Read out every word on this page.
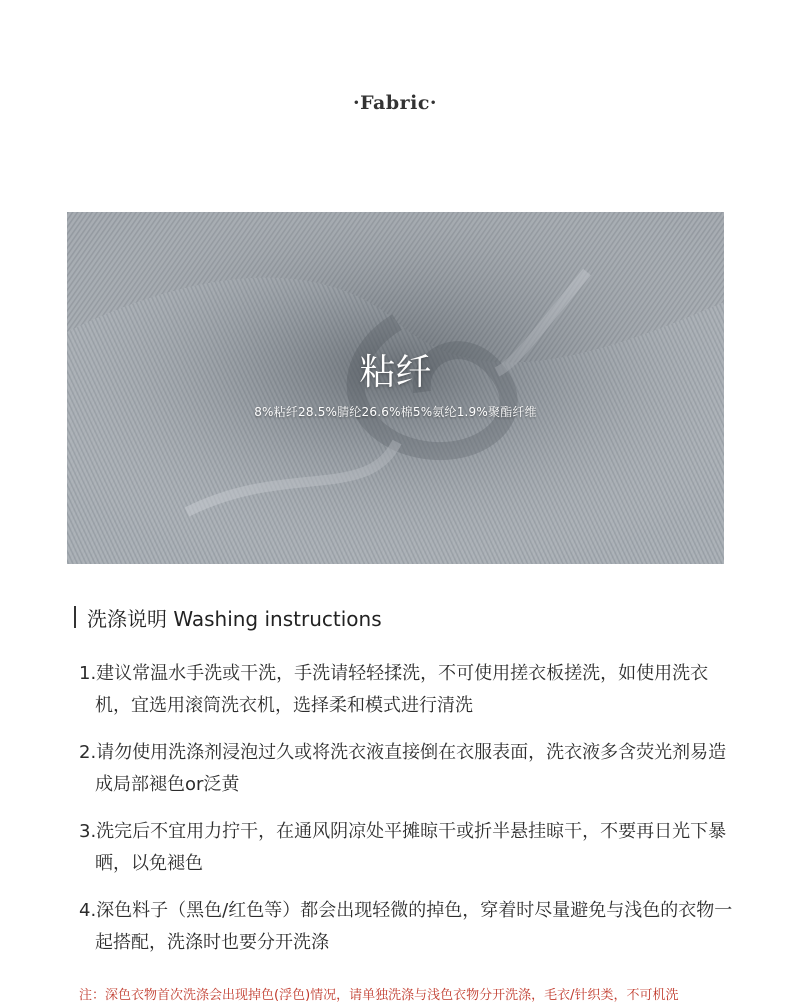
·Fabric·
粘纤
8%粘纤28.5%腈纶26.6%棉5%氨纶1.9%聚酯纤维
洗涤说明 Washing instructions
1.建议常温水手洗或干洗，手洗请轻轻揉洗，不可使用搓衣板搓洗，如使用洗衣机，宜选用滚筒洗衣机，选择柔和模式进行清洗
2.请勿使用洗涤剂浸泡过久或将洗衣液直接倒在衣服表面，洗衣液多含荧光剂易造成局部褪色or泛黄
3.洗完后不宜用力拧干，在通风阴凉处平摊晾干或折半悬挂晾干，不要再日光下暴晒，以免褪色
4.深色料子（黑色/红色等）都会出现轻微的掉色，穿着时尽量避免与浅色的衣物一起搭配，洗涤时也要分开洗涤
注：深色衣物首次洗涤会出现掉色(浮色)情况，请单独洗涤与浅色衣物分开洗涤，毛衣/针织类，不可机洗
